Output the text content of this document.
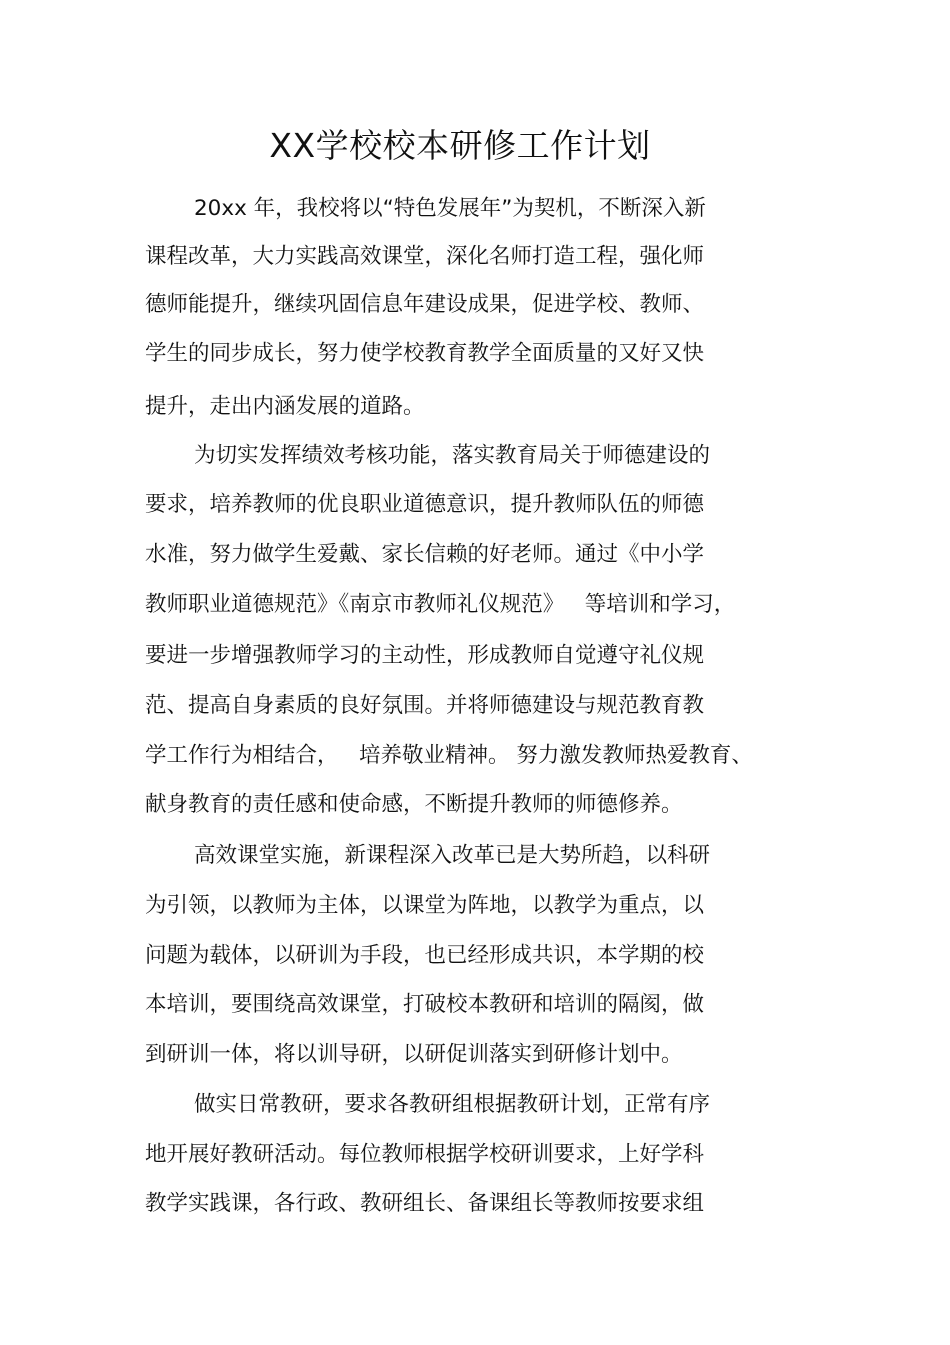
XX学校校本研修工作计划
20xx 年，我校将以“特色发展年”为契机，不断深入新
课程改革，大力实践高效课堂，深化名师打造工程，强化师
德师能提升，继续巩固信息年建设成果，促进学校、教师、
学生的同步成长，努力使学校教育教学全面质量的又好又快
提升，走出内涵发展的道路。
为切实发挥绩效考核功能，落实教育局关于师德建设的
要求，培养教师的优良职业道德意识，提升教师队伍的师德
水准，努力做学生爱戴、家长信赖的好老师。通过《中小学
教师职业道德规范》《南京市教师礼仪规范》   等培训和学习，
要进一步增强教师学习的主动性，形成教师自觉遵守礼仪规
范、提高自身素质的良好氛围。并将师德建设与规范教育教
学工作行为相结合，   培养敬业精神。 努力激发教师热爱教育、
献身教育的责任感和使命感，不断提升教师的师德修养。
高效课堂实施，新课程深入改革已是大势所趋，以科研
为引领，以教师为主体，以课堂为阵地，以教学为重点，以
问题为载体，以研训为手段，也已经形成共识，本学期的校
本培训，要围绕高效课堂，打破校本教研和培训的隔阂，做
到研训一体，将以训导研，以研促训落实到研修计划中。
做实日常教研，要求各教研组根据教研计划，正常有序
地开展好教研活动。每位教师根据学校研训要求，上好学科
教学实践课，各行政、教研组长、备课组长等教师按要求组
